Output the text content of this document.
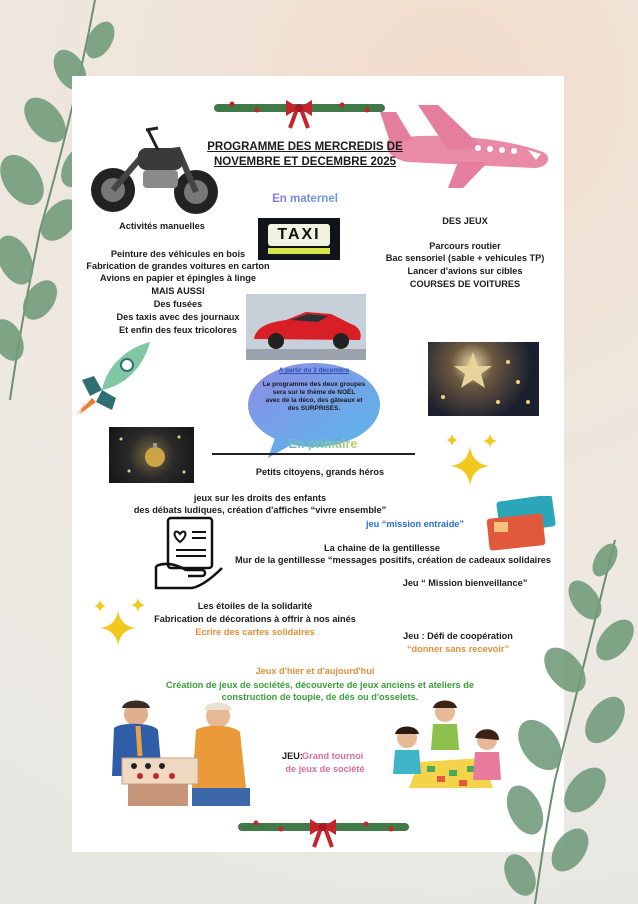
TAXI
A partir du 3 décembre
Le programme des deux groupes
sera sur le thème de NOËL
avec de la déco, des gâteaux et
des SURPRISES.
PROGRAMME DES MERCREDIS DE
NOVEMBRE ET DECEMBRE 2025
En maternel
Activités manuelles
Peinture des véhicules en bois
Fabrication de grandes voitures en carton
Avions en papier et épingles à linge
MAIS AUSSI
Des fusées
Des taxis avec des journaux
Et enfin des feux tricolores
DES JEUX
Parcours routier
Bac sensoriel (sable + vehicules TP)
Lancer d'avions sur cibles
COURSES DE VOITURES
En primaire
Petits citoyens, grands héros
jeux sur les droits des enfants
des débats ludiques, création d'affiches “vivre ensemble”
jeu “mission entraide”
La chaine de la gentillesse
Mur de la gentillesse “messages positifs, création de cadeaux solidaires
Jeu “ Mission bienveillance”
Les étoiles de la solidarité
Fabrication de décorations à offrir à nos ainés
Ecrire des cartes solidaires	Jeu : Défi de coopération
“donner sans recevoir”
Jeux d'hier et d'aujourd'hui
Création de jeux de sociétés, découverte de jeux anciens et ateliers de
construction de toupie, de dés ou d'osselets.
JEU: Grand tournoi
de jeux de société
